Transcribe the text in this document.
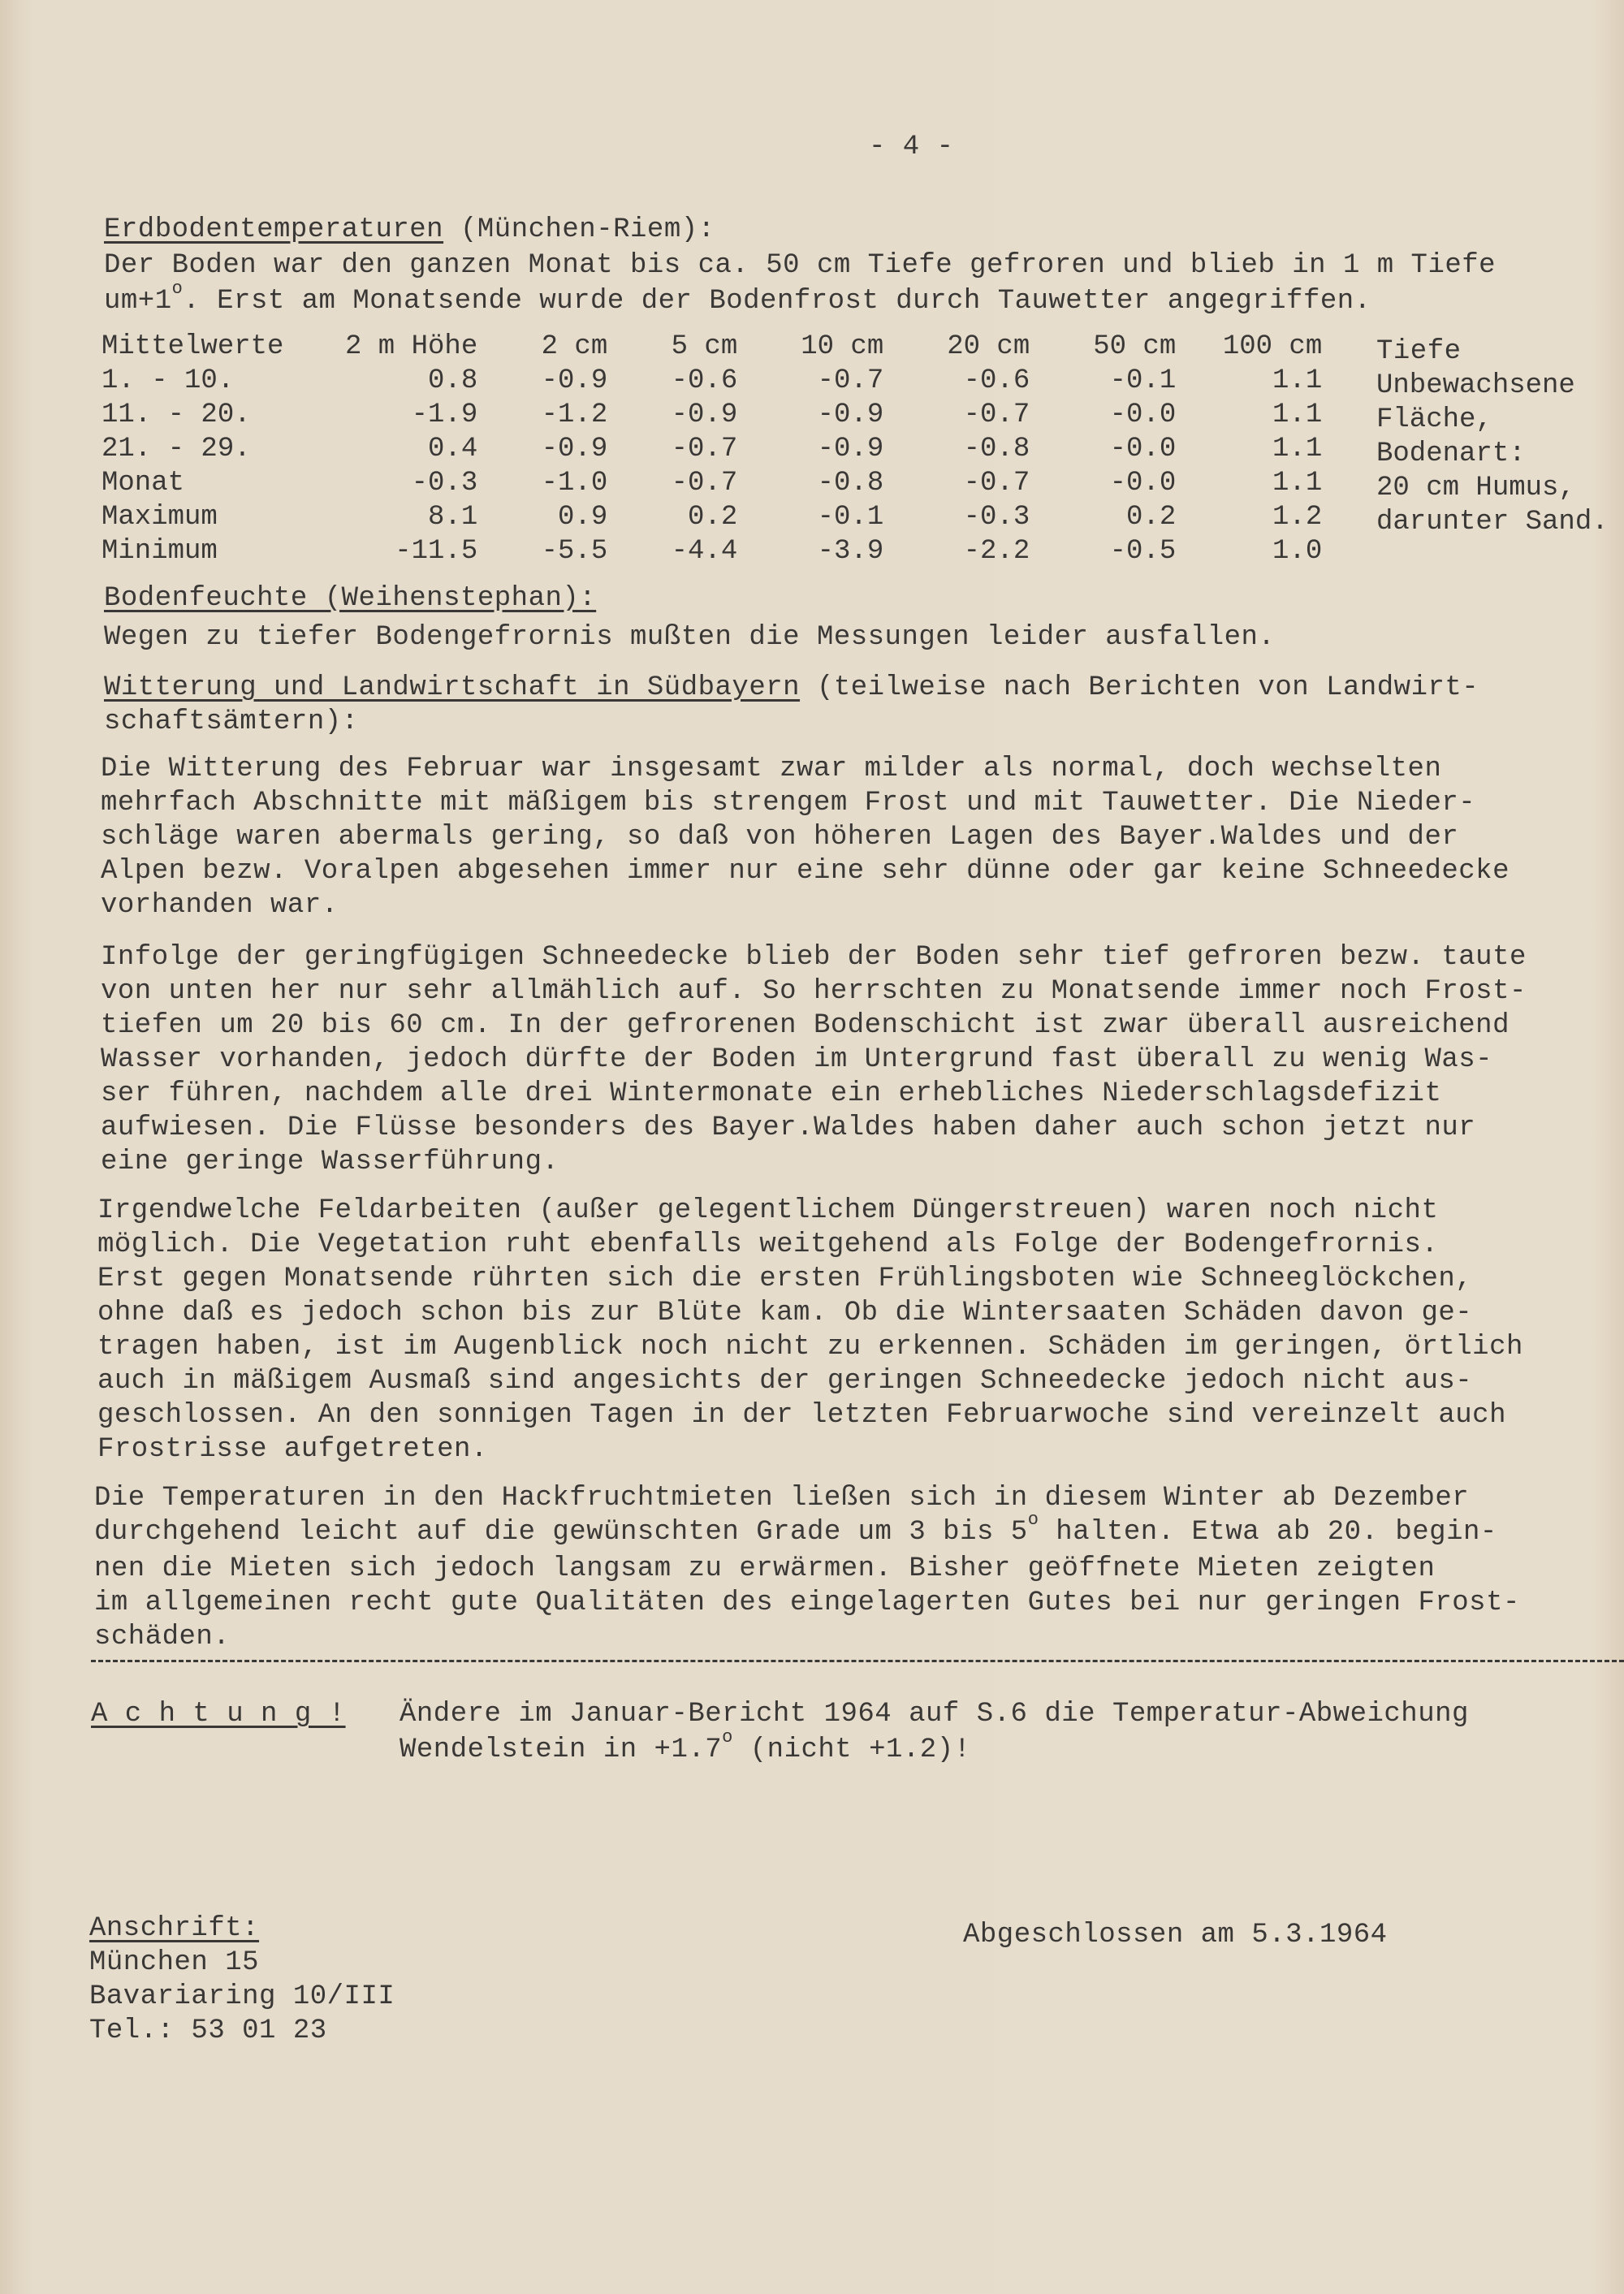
- 4 -
Erdbodentemperaturen (München-Riem):
Der Boden war den ganzen Monat bis ca. 50 cm Tiefe gefroren und blieb in 1 m Tiefe
$um+1^o$. Erst am Monatsende wurde der Bodenfrost durch Tauwetter angegriffen.
Mittelwerte	2 m Höhe	2 cm	5 cm	10 cm	20 cm	50 cm	100 cm
1. - 10.	0.8	-0.9	-0.6	-0.7	-0.6	-0.1	1.1
11. - 20.	-1.9	-1.2	-0.9	-0.9	-0.7	-0.0	1.1
21. - 29.	0.4	-0.9	-0.7	-0.9	-0.8	-0.0	1.1
Monat	-0.3	-1.0	-0.7	-0.8	-0.7	-0.0	1.1
Maximum	8.1	0.9	0.2	-0.1	-0.3	0.2	1.2
Minimum	-11.5	-5.5	-4.4	-3.9	-2.2	-0.5	1.0
Tiefe
Unbewachsene
Fläche,
Bodenart:
20 cm Humus,
darunter Sand.
Bodenfeuchte (Weihenstephan):
Wegen zu tiefer Bodengefrornis mußten die Messungen leider ausfallen.
Witterung und Landwirtschaft in Südbayern (teilweise nach Berichten von Landwirt-
schaftsämtern):
Die Witterung des Februar war insgesamt zwar milder als normal, doch wechselten
mehrfach Abschnitte mit mäßigem bis strengem Frost und mit Tauwetter. Die Nieder-
schläge waren abermals gering, so daß von höheren Lagen des Bayer.Waldes und der
Alpen bezw. Voralpen abgesehen immer nur eine sehr dünne oder gar keine Schneedecke
vorhanden war.
Infolge der geringfügigen Schneedecke blieb der Boden sehr tief gefroren bezw. taute
von unten her nur sehr allmählich auf. So herrschten zu Monatsende immer noch Frost-
tiefen um 20 bis 60 cm. In der gefrorenen Bodenschicht ist zwar überall ausreichend
Wasser vorhanden, jedoch dürfte der Boden im Untergrund fast überall zu wenig Was-
ser führen, nachdem alle drei Wintermonate ein erhebliches Niederschlagsdefizit
aufwiesen. Die Flüsse besonders des Bayer.Waldes haben daher auch schon jetzt nur
eine geringe Wasserführung.
Irgendwelche Feldarbeiten (außer gelegentlichem Düngerstreuen) waren noch nicht
möglich. Die Vegetation ruht ebenfalls weitgehend als Folge der Bodengefrornis.
Erst gegen Monatsende rührten sich die ersten Frühlingsboten wie Schneeglöckchen,
ohne daß es jedoch schon bis zur Blüte kam. Ob die Wintersaaten Schäden davon ge-
tragen haben, ist im Augenblick noch nicht zu erkennen. Schäden im geringen, örtlich
auch in mäßigem Ausmaß sind angesichts der geringen Schneedecke jedoch nicht aus-
geschlossen. An den sonnigen Tagen in der letzten Februarwoche sind vereinzelt auch
Frostrisse aufgetreten.
Die Temperaturen in den Hackfruchtmieten ließen sich in diesem Winter ab Dezember
durchgehend leicht auf die gewünschten Grade um 3 bis 5$^o$ halten. Etwa ab 20. begin-
nen die Mieten sich jedoch langsam zu erwärmen. Bisher geöffnete Mieten zeigten
im allgemeinen recht gute Qualitäten des eingelagerten Gutes bei nur geringen Frost-
schäden.
A c h t u n g ! Ändere im Januar-Bericht 1964 auf S.6 die Temperatur-Abweichung
Wendelstein in $+1.7^o$ (nicht +1.2)!
Anschrift:
München 15
Bavariaring 10/III
Tel.: 53 01 23
Abgeschlossen am 5.3.1964
